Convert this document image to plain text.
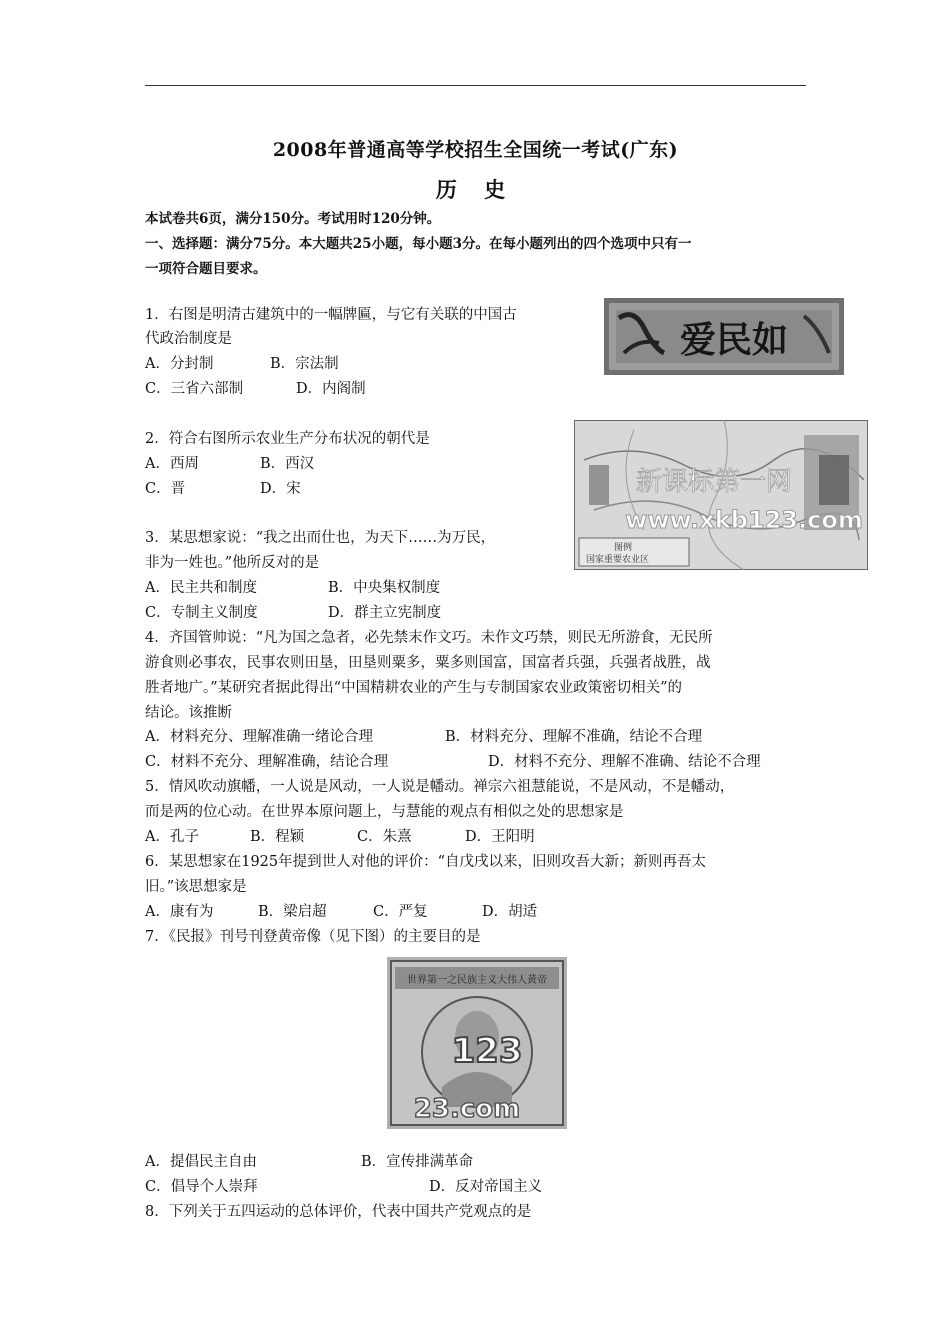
2008年普通高等学校招生全国统一考试(广东)
历 史
本试卷共6页，满分150分。考试用时120分钟。
一、选择题：满分75分。本大题共25小题，每小题3分。在每小题列出的四个选项中只有一
一项符合题目要求。
1．右图是明清古建筑中的一幅牌匾，与它有关联的中国古
代政治制度是
A．分封制	B．宗法制
C．三省六部制	D．内阁制
爱民如
2．符合右图所示农业生产分布状况的朝代是
A．西周	B．西汉
C．晋	D．宋	新课标第一网
www.xkb123.com
图例
国家重要农业区
3．某思想家说：“我之出而仕也，为天下……为万民，
非为一姓也。”他所反对的是
A．民主共和制度	B．中央集权制度
C．专制主义制度	D．群主立宪制度
4．齐国管帅说：“凡为国之急者，必先禁末作文巧。未作文巧禁，则民无所游食，无民所
游食则必事农，民事农则田垦，田垦则粟多，粟多则国富，国富者兵强，兵强者战胜，战
胜者地广。”某研究者据此得出“中国精耕农业的产生与专制国家农业政策密切相关”的
结论。该推断
A．材料充分、理解准确一绪论合理	B．材料充分、理解不准确，结论不合理
C．材料不充分、理解准确，结论合理	D．材料不充分、理解不准确、结论不合理
5．情风吹动旗幡，一人说是风动，一人说是幡动。禅宗六祖慧能说，不是风动，不是幡动，
而是两的位心动。在世界本原问题上，与慧能的观点有相似之处的思想家是
A．孔子	B．程颖	C．朱熹	D．王阳明
6．某思想家在1925年提到世人对他的评价：“自戊戌以来，旧则攻吾大新；新则再吾太
旧。”该思想家是
A．康有为	B．梁启超	C．严复	D．胡适
7．《民报》刊号刊登黄帝像（见下图）的主要目的是
世界第一之民族主义大伟人黄帝
123
23.com
A．提倡民主自由	B．宣传排满革命
C．倡导个人崇拜	D．反对帝国主义
8．下列关于五四运动的总体评价，代表中国共产党观点的是
